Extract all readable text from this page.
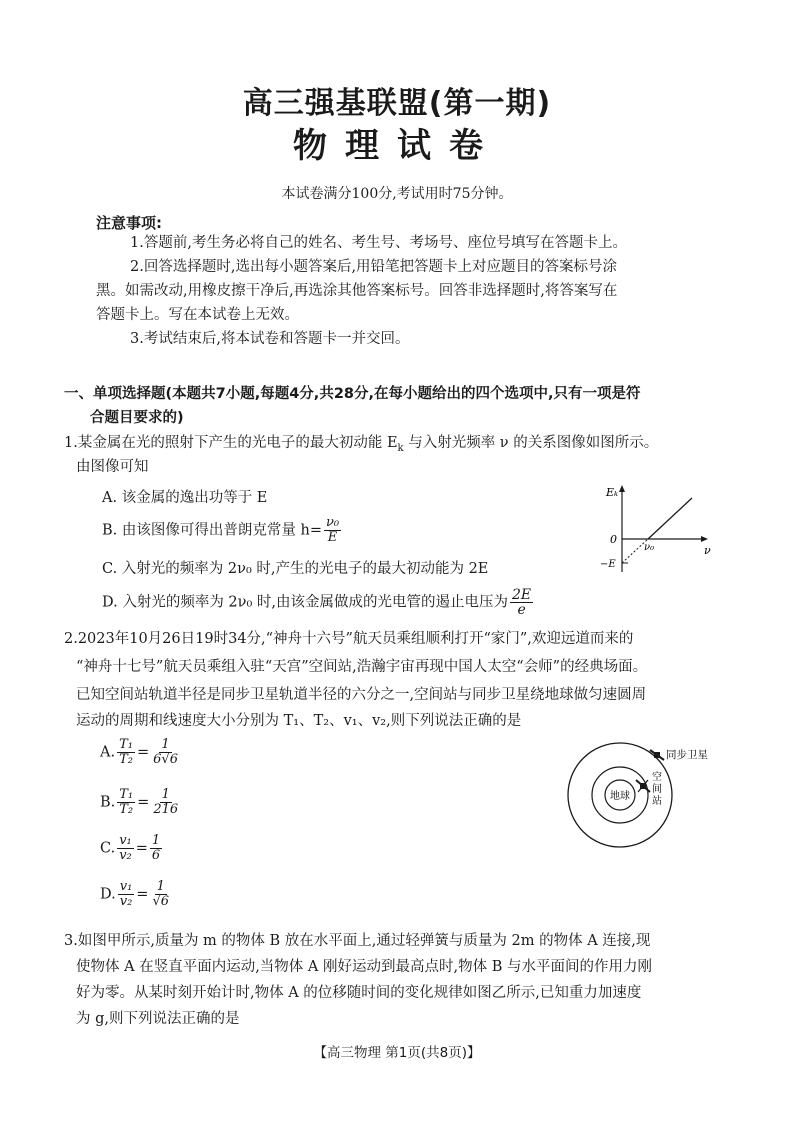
高三强基联盟(第一期)
物理试卷
本试卷满分100分,考试用时75分钟。
注意事项:
1.答题前,考生务必将自己的姓名、考生号、考场号、座位号填写在答题卡上。
2.回答选择题时,选出每小题答案后,用铅笔把答题卡上对应题目的答案标号涂
黑。如需改动,用橡皮擦干净后,再选涂其他答案标号。回答非选择题时,将答案写在
答题卡上。写在本试卷上无效。
3.考试结束后,将本试卷和答题卡一并交回。
一、单项选择题(本题共7小题,每题4分,共28分,在每小题给出的四个选项中,只有一项是符
合题目要求的)
1.某金属在光的照射下产生的光电子的最大初动能 $E_k$ 与入射光频率 ν 的关系图像如图所示。
由图像可知
A. 该金属的逸出功等于 E
B. 由该图像可得出普朗克常量 $h= \frac{\text{ν₀}}{E}$
C. 入射光的频率为 2ν₀ 时,产生的光电子的最大初动能为 2E
D. 入射光的频率为 2ν₀ 时,由该金属做成的光电管的遏止电压为 $\frac{2E}{e}$
Eₖ
0
ν
ν₀
−E
2.2023年10月26日19时34分,“神舟十六号”航天员乘组顺利打开“家门”,欢迎远道而来的
“神舟十七号”航天员乘组入驻“天宫”空间站,浩瀚宇宙再现中国人太空“会师”的经典场面。
已知空间站轨道半径是同步卫星轨道半径的六分之一,空间站与同步卫星绕地球做匀速圆周
运动的周期和线速度大小分别为 T₁、T₂、v₁、v₂,则下列说法正确的是
A. $\frac{\text{T₁}}{\text{T₂}} = \frac{1}{6√6}$
B. $\frac{\text{T₁}}{\text{T₂}} = \frac{1}{216}$
C. $\frac{\text{v₁}}{\text{v₂}} = \frac{1}{6}$
D. $\frac{\text{v₁}}{\text{v₂}} = \frac{1}{√6}$
地球
同步卫星
空间站
3.如图甲所示,质量为 m 的物体 B 放在水平面上,通过轻弹簧与质量为 2m 的物体 A 连接,现
使物体 A 在竖直平面内运动,当物体 A 刚好运动到最高点时,物体 B 与水平面间的作用力刚
好为零。从某时刻开始计时,物体 A 的位移随时间的变化规律如图乙所示,已知重力加速度
为 g,则下列说法正确的是
【高三物理 第1页(共8页)】
